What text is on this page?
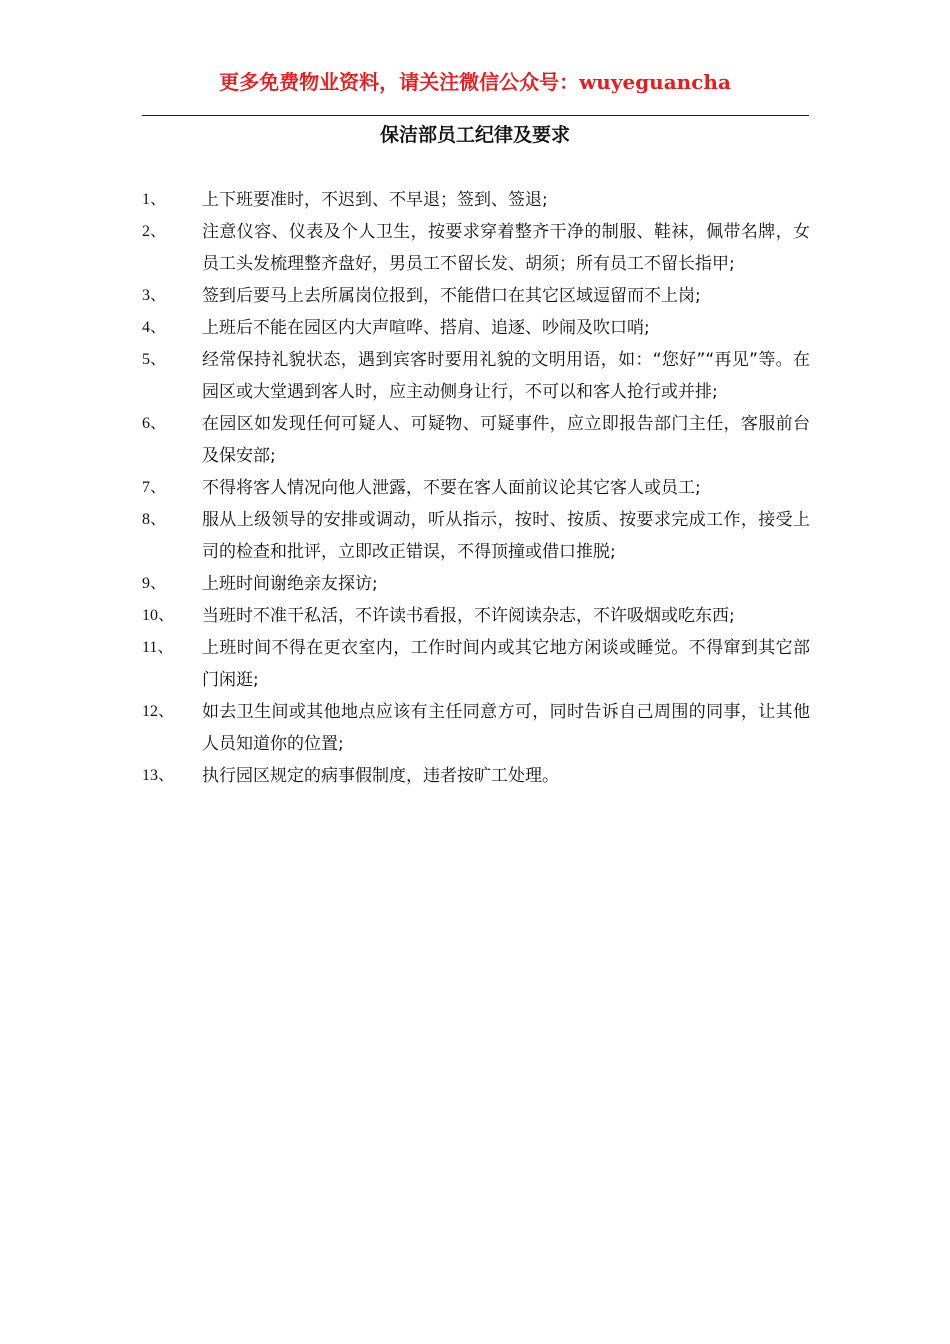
更多免费物业资料，请关注微信公众号：wuyeguancha
保洁部员工纪律及要求
1、	上下班要准时，不迟到、不早退；签到、签退;
2、	注意仪容、仪表及个人卫生，按要求穿着整齐干净的制服、鞋袜，佩带名牌，女员工头发梳理整齐盘好，男员工不留长发、胡须；所有员工不留长指甲;
3、	签到后要马上去所属岗位报到，不能借口在其它区域逗留而不上岗;
4、	上班后不能在园区内大声喧哗、搭肩、追逐、吵闹及吹口哨;
5、	经常保持礼貌状态，遇到宾客时要用礼貌的文明用语，如：“您好”“再见”等。在园区或大堂遇到客人时，应主动侧身让行，不可以和客人抢行或并排;
6、	在园区如发现任何可疑人、可疑物、可疑事件，应立即报告部门主任，客服前台及保安部;
7、	不得将客人情况向他人泄露，不要在客人面前议论其它客人或员工;
8、	服从上级领导的安排或调动，听从指示，按时、按质、按要求完成工作，接受上司的检查和批评，立即改正错误，不得顶撞或借口推脱;
9、	上班时间谢绝亲友探访;
10、	当班时不准干私活，不许读书看报，不许阅读杂志，不许吸烟或吃东西;
11、	上班时间不得在更衣室内，工作时间内或其它地方闲谈或睡觉。不得窜到其它部门闲逛;
12、	如去卫生间或其他地点应该有主任同意方可，同时告诉自己周围的同事，让其他人员知道你的位置;
13、	执行园区规定的病事假制度，违者按旷工处理。
